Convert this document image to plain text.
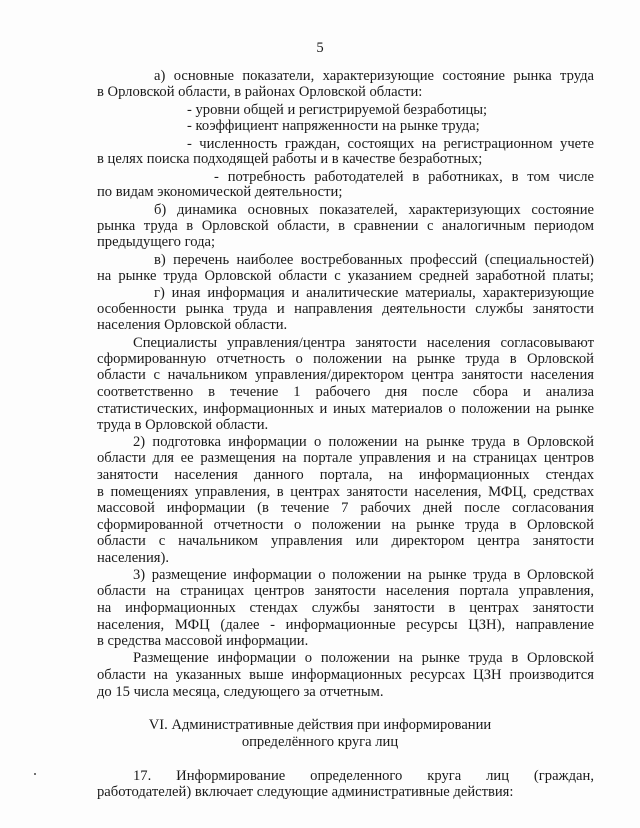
5
а) основные показатели, характеризующие состояние рынка труда
в Орловской области, в районах Орловской области:
- уровни общей и регистрируемой безработицы;
- коэффициент напряженности на рынке труда;
- численность граждан, состоящих на регистрационном учете
в целях поиска подходящей работы и в качестве безработных;
- потребность работодателей в работниках, в том числе
по видам экономической деятельности;
б) динамика основных показателей, характеризующих состояние
рынка труда в Орловской области, в сравнении с аналогичным периодом
предыдущего года;
в) перечень наиболее востребованных профессий (специальностей)
на рынке труда Орловской области с указанием средней заработной платы;
г) иная информация и аналитические материалы, характеризующие
особенности рынка труда и направления деятельности службы занятости
населения Орловской области.
Специалисты управления/центра занятости населения согласовывают
сформированную отчетность о положении на рынке труда в Орловской
области с начальником управления/директором центра занятости населения
соответственно в течение 1 рабочего дня после сбора и анализа
статистических, информационных и иных материалов о положении на рынке
труда в Орловской области.
2) подготовка информации о положении на рынке труда в Орловской
области для ее размещения на портале управления и на страницах центров
занятости населения данного портала, на информационных стендах
в помещениях управления, в центрах занятости населения, МФЦ, средствах
массовой информации (в течение 7 рабочих дней после согласования
сформированной отчетности о положении на рынке труда в Орловской
области с начальником управления или директором центра занятости
населения).
3) размещение информации о положении на рынке труда в Орловской
области на страницах центров занятости населения портала управления,
на информационных стендах службы занятости в центрах занятости
населения, МФЦ (далее - информационные ресурсы ЦЗН), направление
в средства массовой информации.
Размещение информации о положении на рынке труда в Орловской
области на указанных выше информационных ресурсах ЦЗН производится
до 15 числа месяца, следующего за отчетным.
VI. Административные действия при информировании
определённого круга лиц
17. Информирование определенного круга лиц (граждан,
работодателей) включает следующие административные действия:
